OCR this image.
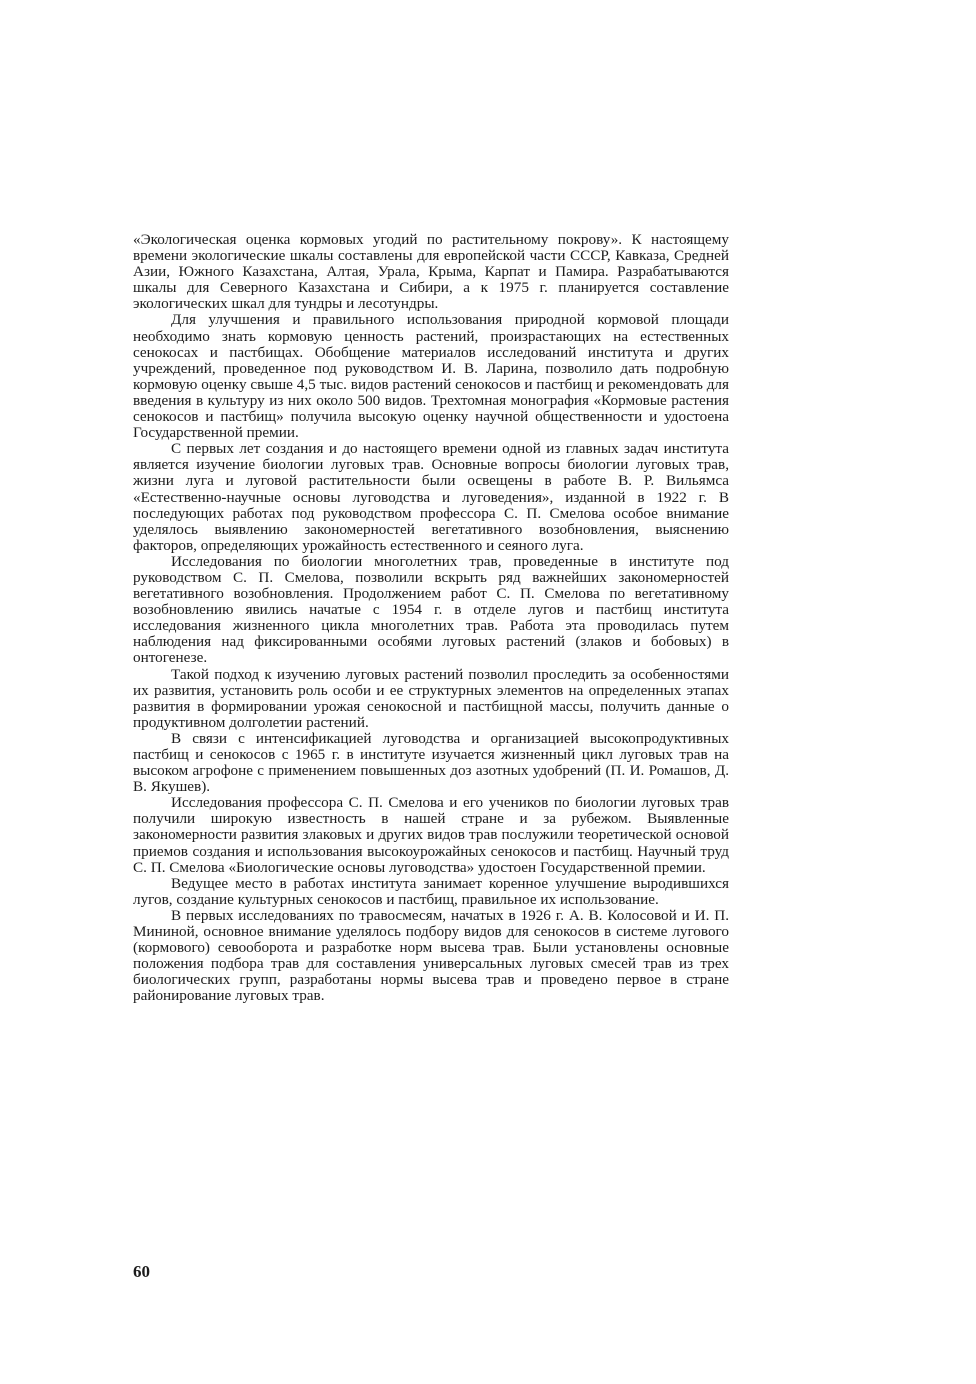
«Экологическая оценка кормовых угодий по растительному покрову». К настоящему времени экологические шкалы составлены для европейской части СССР, Кавказа, Средней Азии, Южного Казахстана, Алтая, Урала, Крыма, Карпат и Памира. Разрабатываются шкалы для Северного Казахстана и Сибири, а к 1975 г. планируется составление экологических шкал для тундры и лесотундры.

Для улучшения и правильного использования природной кормовой площади необходимо знать кормовую ценность растений, произрастающих на естественных сенокосах и пастбищах. Обобщение материалов исследований института и других учреждений, проведенное под руководством И. В. Ларина, позволило дать подробную кормовую оценку свыше 4,5 тыс. видов растений сенокосов и пастбищ и рекомендовать для введения в культуру из них около 500 видов. Трехтомная монография «Кормовые растения сенокосов и пастбищ» получила высокую оценку научной общественности и удостоена Государственной премии.

С первых лет создания и до настоящего времени одной из главных задач института является изучение биологии луговых трав. Основные вопросы биологии луговых трав, жизни луга и луговой растительности были освещены в работе В. Р. Вильямса «Естественно-научные основы луговодства и луговедения», изданной в 1922 г. В последующих работах под руководством профессора С. П. Смелова особое внимание уделялось выявлению закономерностей вегетативного возобновления, выяснению факторов, определяющих урожайность естественного и сеяного луга.

Исследования по биологии многолетних трав, проведенные в институте под руководством С. П. Смелова, позволили вскрыть ряд важнейших закономерностей вегетативного возобновления. Продолжением работ С. П. Смелова по вегетативному возобновлению явились начатые с 1954 г. в отделе лугов и пастбищ института исследования жизненного цикла многолетних трав. Работа эта проводилась путем наблюдения над фиксированными особями луговых растений (злаков и бобовых) в онтогенезе.

Такой подход к изучению луговых растений позволил проследить за особенностями их развития, установить роль особи и ее структурных элементов на определенных этапах развития в формировании урожая сенокосной и пастбищной массы, получить данные о продуктивном долголетии растений.

В связи с интенсификацией луговодства и организацией высокопродуктивных пастбищ и сенокосов с 1965 г. в институте изучается жизненный цикл луговых трав на высоком агрофоне с применением повышенных доз азотных удобрений (П. И. Ромашов, Д. В. Якушев).

Исследования профессора С. П. Смелова и его учеников по биологии луговых трав получили широкую известность в нашей стране и за рубежом. Выявленные закономерности развития злаковых и других видов трав послужили теоретической основой приемов создания и использования высокоурожайных сенокосов и пастбищ. Научный труд С. П. Смелова «Биологические основы луговодства» удостоен Государственной премии.

Ведущее место в работах института занимает коренное улучшение выродившихся лугов, создание культурных сенокосов и пастбищ, правильное их использование.

В первых исследованиях по травосмесям, начатых в 1926 г. А. В. Колосовой и И. П. Мининой, основное внимание уделялось подбору видов для сенокосов в системе лугового (кормового) севооборота и разработке норм высева трав. Были установлены основные положения подбора трав для составления универсальных луговых смесей трав из трех биологических групп, разработаны нормы высева трав и проведено первое в стране районирование луговых трав.

60
